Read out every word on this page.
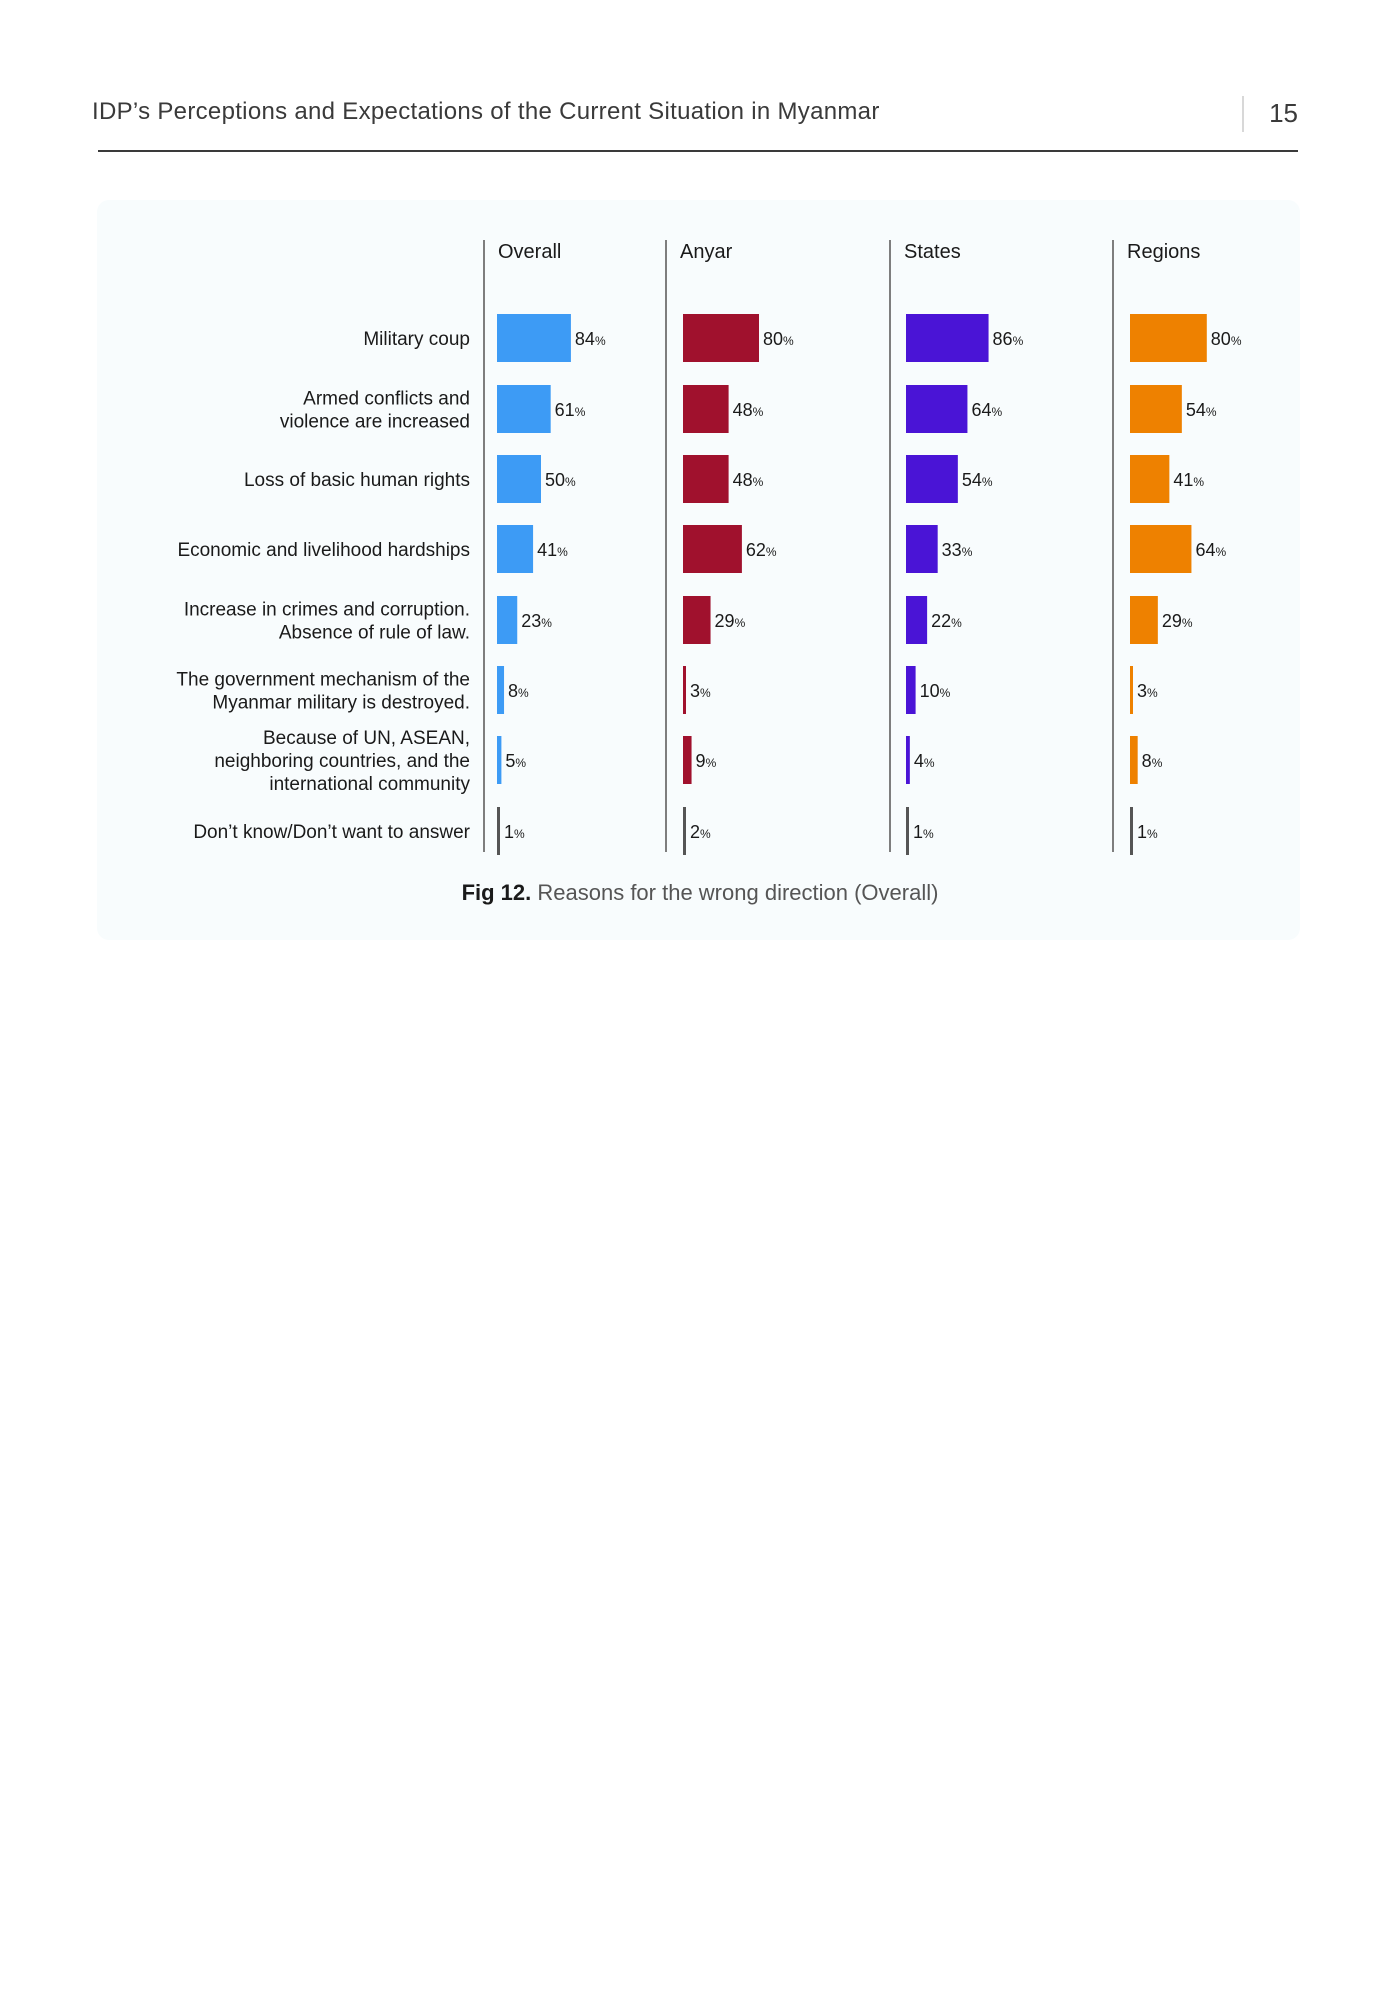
IDP’s Perceptions and Expectations of the Current Situation in Myanmar	15
Military coup
Armed conflicts and violence are increased
Loss of basic human rights
Economic and livelihood hardships
Increase in crimes and corruption. Absence of rule of law.
The government mechanism of the Myanmar military is destroyed.
Because of UN, ASEAN, neighboring countries, and the international community
Don’t know/Don’t want to answer
Overall
84%
61%
50%
41%
23%
8%
5%
1%
Anyar
80%
48%
48%
62%
29%
3%
9%
2%
States
86%
64%
54%
33%
22%
10%
4%
1%
Regions
80%
54%
41%
64%
29%
3%
8%
1%
Fig 12. Reasons for the wrong direction (Overall)
